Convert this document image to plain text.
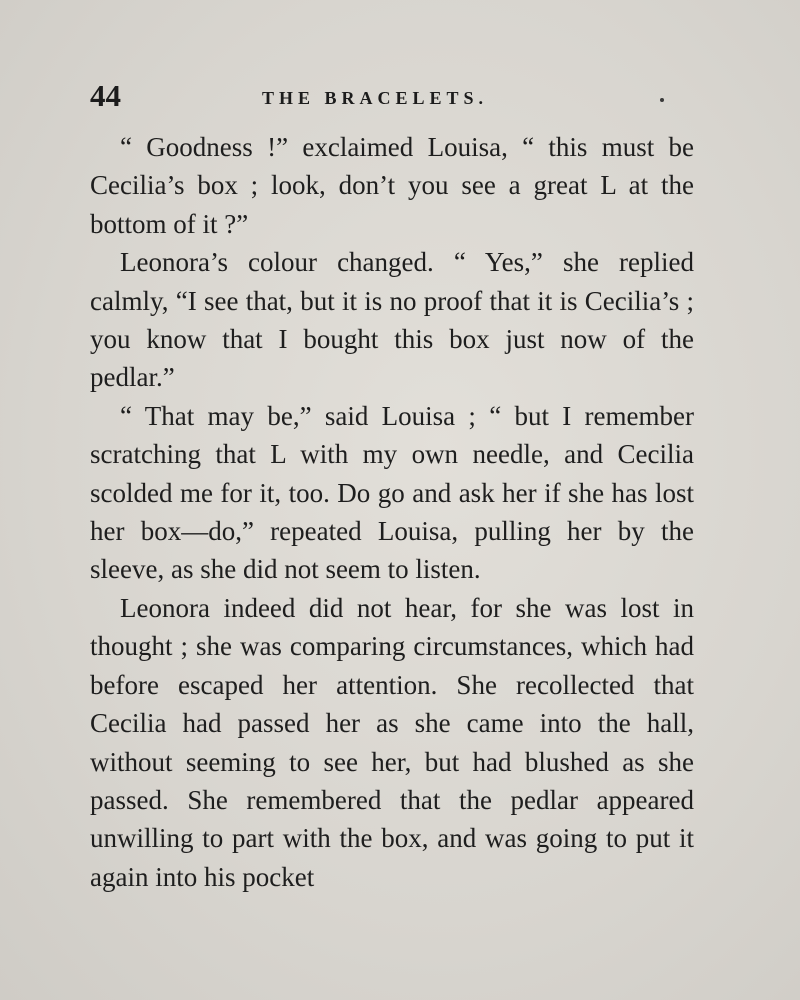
44	THE BRACELETS.

“ Goodness !” exclaimed Louisa, “ this must be Cecilia’s box ; look, don’t you see a great L at the bottom of it ?”

Leonora’s colour changed. “ Yes,” she replied calmly, “I see that, but it is no proof that it is Cecilia’s ; you know that I bought this box just now of the pedlar.”

“ That may be,” said Louisa ; “ but I remember scratching that L with my own needle, and Cecilia scolded me for it, too. Do go and ask her if she has lost her box—do,” repeated Louisa, pulling her by the sleeve, as she did not seem to listen.

Leonora indeed did not hear, for she was lost in thought ; she was comparing circumstances, which had before escaped her attention. She recollected that Cecilia had passed her as she came into the hall, without seeming to see her, but had blushed as she passed. She remembered that the pedlar appeared unwilling to part with the box, and was going to put it again into his pocket
